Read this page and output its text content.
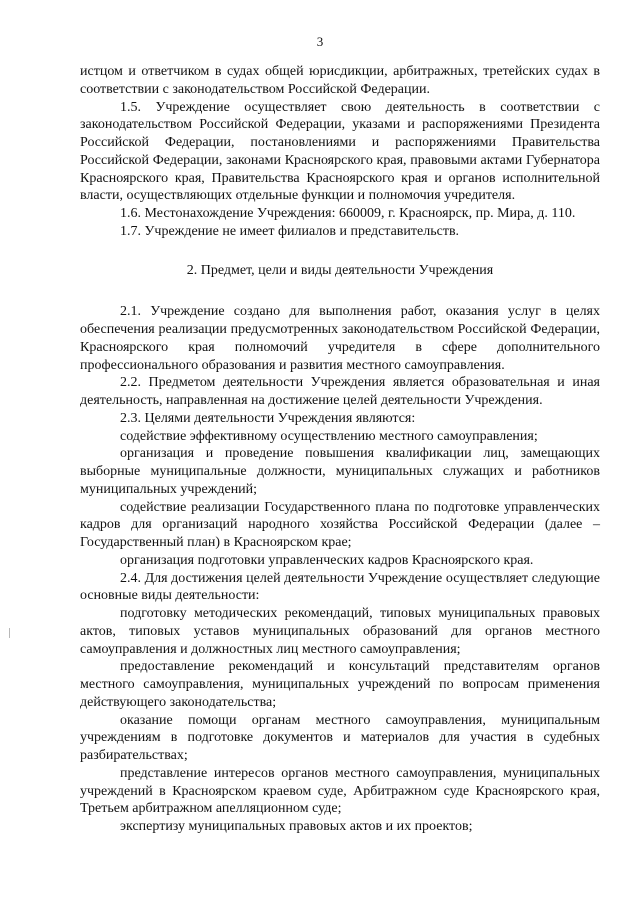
3

истцом и ответчиком в судах общей юрисдикции, арбитражных, третейских судах в соответствии с законодательством Российской Федерации.

1.5. Учреждение осуществляет свою деятельность в соответствии с законодательством Российской Федерации, указами и распоряжениями Президента Российской Федерации, постановлениями и распоряжениями Правительства Российской Федерации, законами Красноярского края, правовыми актами Губернатора Красноярского края, Правительства Красноярского края и органов исполнительной власти, осуществляющих отдельные функции и полномочия учредителя.

1.6. Местонахождение Учреждения: 660009, г. Красноярск, пр. Мира, д. 110.

1.7. Учреждение не имеет филиалов и представительств.

2. Предмет, цели и виды деятельности Учреждения

2.1. Учреждение создано для выполнения работ, оказания услуг в целях обеспечения реализации предусмотренных законодательством Российской Федерации, Красноярского края полномочий учредителя в сфере дополнительного профессионального образования и развития местного самоуправления.

2.2. Предметом деятельности Учреждения является образовательная и иная деятельность, направленная на достижение целей деятельности Учреждения.

2.3. Целями деятельности Учреждения являются:

содействие эффективному осуществлению местного самоуправления;

организация и проведение повышения квалификации лиц, замещающих выборные муниципальные должности, муниципальных служащих и работников муниципальных учреждений;

содействие реализации Государственного плана по подготовке управленческих кадров для организаций народного хозяйства Российской Федерации (далее – Государственный план) в Красноярском крае;

организация подготовки управленческих кадров Красноярского края.

2.4. Для достижения целей деятельности Учреждение осуществляет следующие основные виды деятельности:

подготовку методических рекомендаций, типовых муниципальных правовых актов, типовых уставов муниципальных образований для органов местного самоуправления и должностных лиц местного самоуправления;

предоставление рекомендаций и консультаций представителям органов местного самоуправления, муниципальных учреждений по вопросам применения действующего законодательства;

оказание помощи органам местного самоуправления, муниципальным учреждениям в подготовке документов и материалов для участия в судебных разбирательствах;

представление интересов органов местного самоуправления, муниципальных учреждений в Красноярском краевом суде, Арбитражном суде Красноярского края, Третьем арбитражном апелляционном суде;

экспертизу муниципальных правовых актов и их проектов;
